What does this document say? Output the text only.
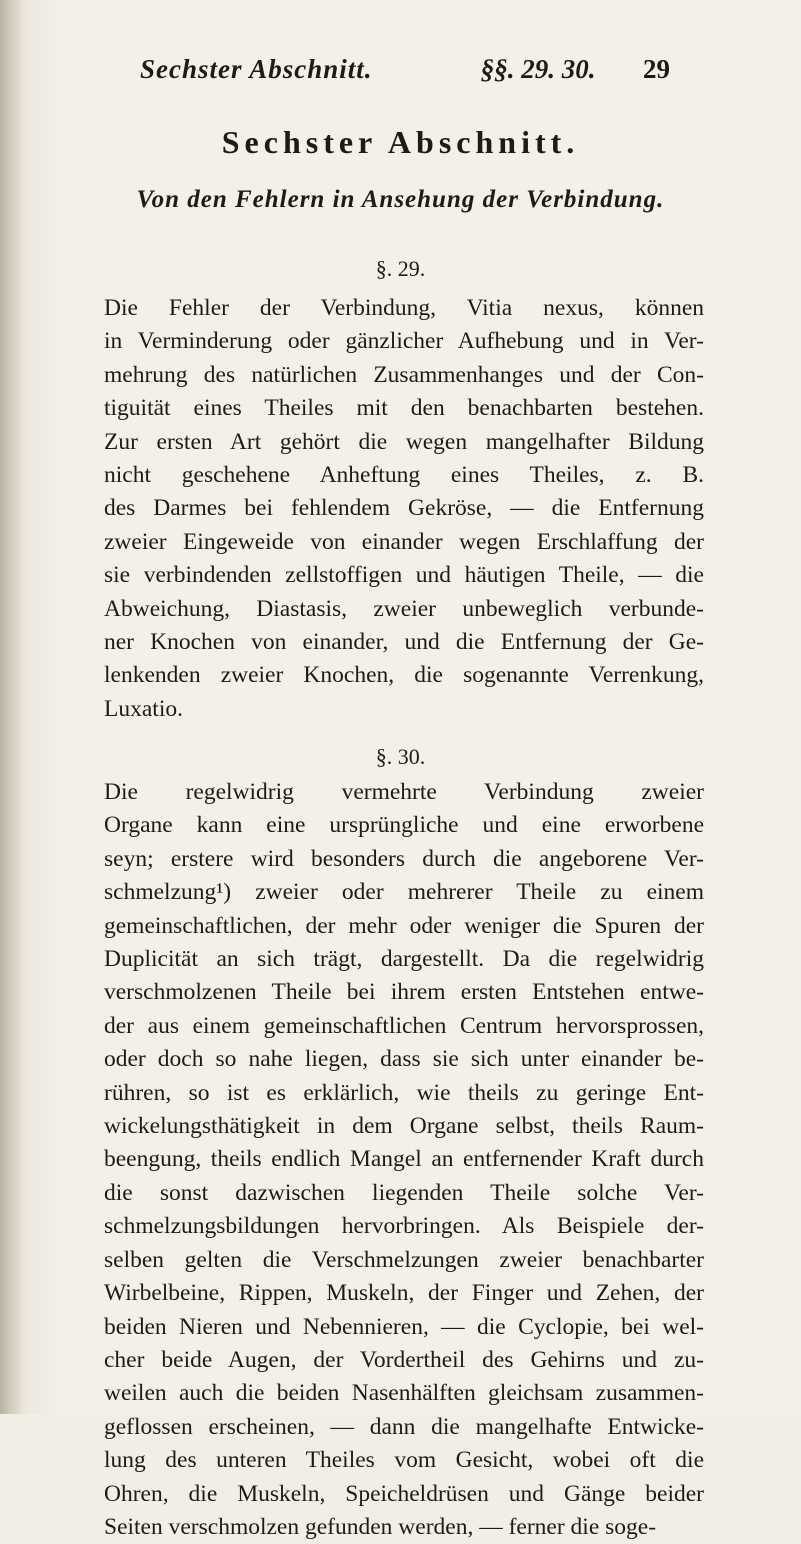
Sechster Abschnitt.	§§. 29. 30. 29
Sechster Abschnitt.
Von den Fehlern in Ansehung der Verbindung.
§. 29.
Die Fehler der Verbindung, Vitia nexus, können
in Verminderung oder gänzlicher Aufhebung und in Ver-
mehrung des natürlichen Zusammenhanges und der Con-
tiguität eines Theiles mit den benachbarten bestehen.
Zur ersten Art gehört die wegen mangelhafter Bildung
nicht geschehene Anheftung eines Theiles, z. B.
des Darmes bei fehlendem Gekröse, — die Entfernung
zweier Eingeweide von einander wegen Erschlaffung der
sie verbindenden zellstoffigen und häutigen Theile, — die
Abweichung, Diastasis, zweier unbeweglich verbunde-
ner Knochen von einander, und die Entfernung der Ge-
lenkenden zweier Knochen, die sogenannte Verrenkung,
Luxatio.
§. 30.
Die regelwidrig vermehrte Verbindung zweier
Organe kann eine ursprüngliche und eine erworbene
seyn; erstere wird besonders durch die angeborene Ver-
schmelzung¹) zweier oder mehrerer Theile zu einem
gemeinschaftlichen, der mehr oder weniger die Spuren der
Duplicität an sich trägt, dargestellt. Da die regelwidrig
verschmolzenen Theile bei ihrem ersten Entstehen entwe-
der aus einem gemeinschaftlichen Centrum hervorsprossen,
oder doch so nahe liegen, dass sie sich unter einander be-
rühren, so ist es erklärlich, wie theils zu geringe Ent-
wickelungsthätigkeit in dem Organe selbst, theils Raum-
beengung, theils endlich Mangel an entfernender Kraft durch
die sonst dazwischen liegenden Theile solche Ver-
schmelzungsbildungen hervorbringen. Als Beispiele der-
selben gelten die Verschmelzungen zweier benachbarter
Wirbelbeine, Rippen, Muskeln, der Finger und Zehen, der
beiden Nieren und Nebennieren, — die Cyclopie, bei wel-
cher beide Augen, der Vordertheil des Gehirns und zu-
weilen auch die beiden Nasenhälften gleichsam zusammen-
geflossen erscheinen, — dann die mangelhafte Entwicke-
lung des unteren Theiles vom Gesicht, wobei oft die
Ohren, die Muskeln, Speicheldrüsen und Gänge beider
Seiten verschmolzen gefunden werden, — ferner die soge-
